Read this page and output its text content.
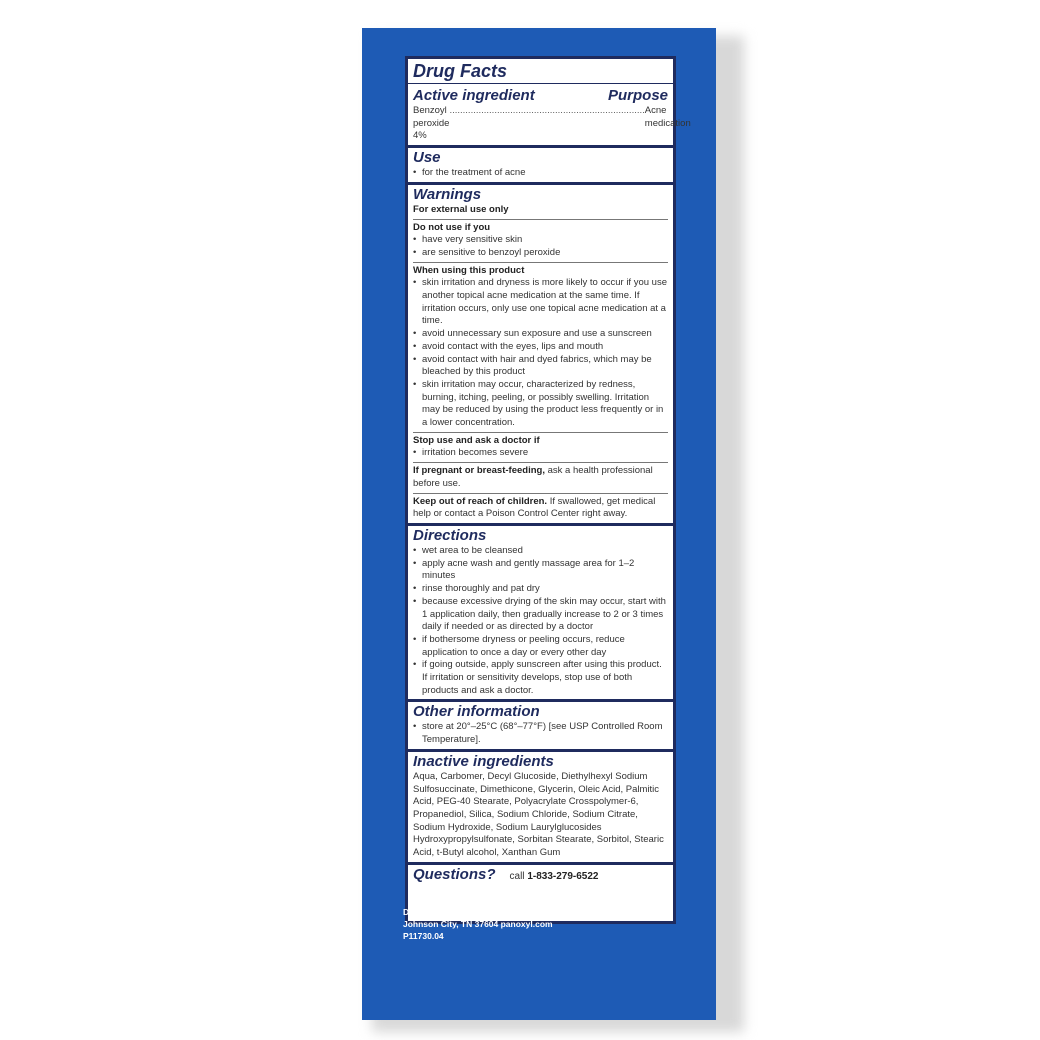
Drug Facts
Active ingredient	Purpose
Benzoyl peroxide 4%
.......................................................................... Acne medication
Use
• for the treatment of acne
Warnings
For external use only
Do not use if you
• have very sensitive skin
• are sensitive to benzoyl peroxide
When using this product
• skin irritation and dryness is more likely to occur if you use another topical acne medication at the same time. If irritation occurs, only use one topical acne medication at a time.
• avoid unnecessary sun exposure and use a sunscreen
• avoid contact with the eyes, lips and mouth
• avoid contact with hair and dyed fabrics, which may be bleached by this product
• skin irritation may occur, characterized by redness, burning, itching, peeling, or possibly swelling. Irritation may be reduced by using the product less frequently or in a lower concentration.
Stop use and ask a doctor if
• irritation becomes severe
If pregnant or breast-feeding, ask a health professional before use.
Keep out of reach of children. If swallowed, get medical help or contact a Poison Control Center right away.
Directions
• wet area to be cleansed
• apply acne wash and gently massage area for 1–2 minutes
• rinse thoroughly and pat dry
• because excessive drying of the skin may occur, start with 1 application daily, then gradually increase to 2 or 3 times daily if needed or as directed by a doctor
• if bothersome dryness or peeling occurs, reduce application to once a day or every other day
• if going outside, apply sunscreen after using this product. If irritation or sensitivity develops, stop use of both products and ask a doctor.
Other information
• store at 20°–25°C (68°–77°F) [see USP Controlled Room Temperature].
Inactive ingredients
Aqua, Carbomer, Decyl Glucoside, Diethylhexyl Sodium Sulfosuccinate, Dimethicone, Glycerin, Oleic Acid, Palmitic Acid, PEG-40 Stearate, Polyacrylate Crosspolymer-6, Propanediol, Silica, Sodium Chloride, Sodium Citrate, Sodium Hydroxide, Sodium Laurylglucosides Hydroxypropylsulfonate, Sorbitan Stearate, Sorbitol, Stearic Acid, t-Butyl alcohol, Xanthan Gum
Questions? call 1-833-279-6522
Distributed by: Crown Laboratories, Inc.
Johnson City, TN 37604 panoxyl.com
P11730.04
